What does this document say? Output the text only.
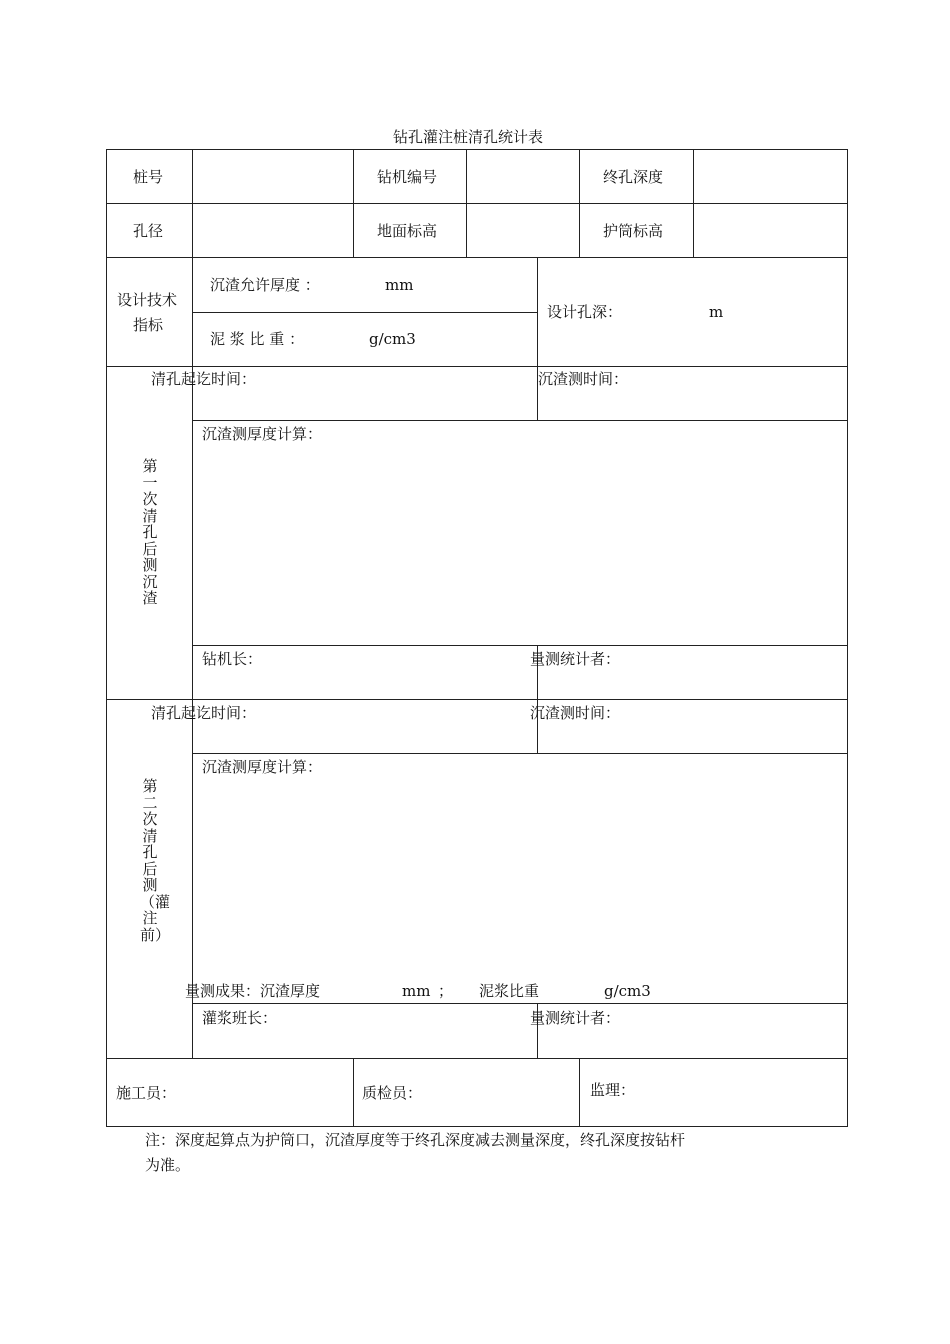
钻孔灌注桩清孔统计表
桩号	钻机编号	终孔深度
孔径	地面标高	护筒标高
设计技术
指标
沉渣允许厚度 ：	mm
泥 浆 比 重 ：	g/cm3
设计孔深：	m
第一次清孔后测沉渣
清孔起讫时间：	沉渣测时间：
沉渣测厚度计算：
钻机长：	量测统计者：
第二次清孔后测（灌注前）
清孔起讫时间：	沉渣测时间：
沉渣测厚度计算：
量测成果：沉渣厚度	mm ； 泥浆比重	g/cm3
灌浆班长：	量测统计者：
施工员：	质检员：	监理：
注：深度起算点为护筒口，沉渣厚度等于终孔深度减去测量深度，终孔深度按钻杆
为准。
